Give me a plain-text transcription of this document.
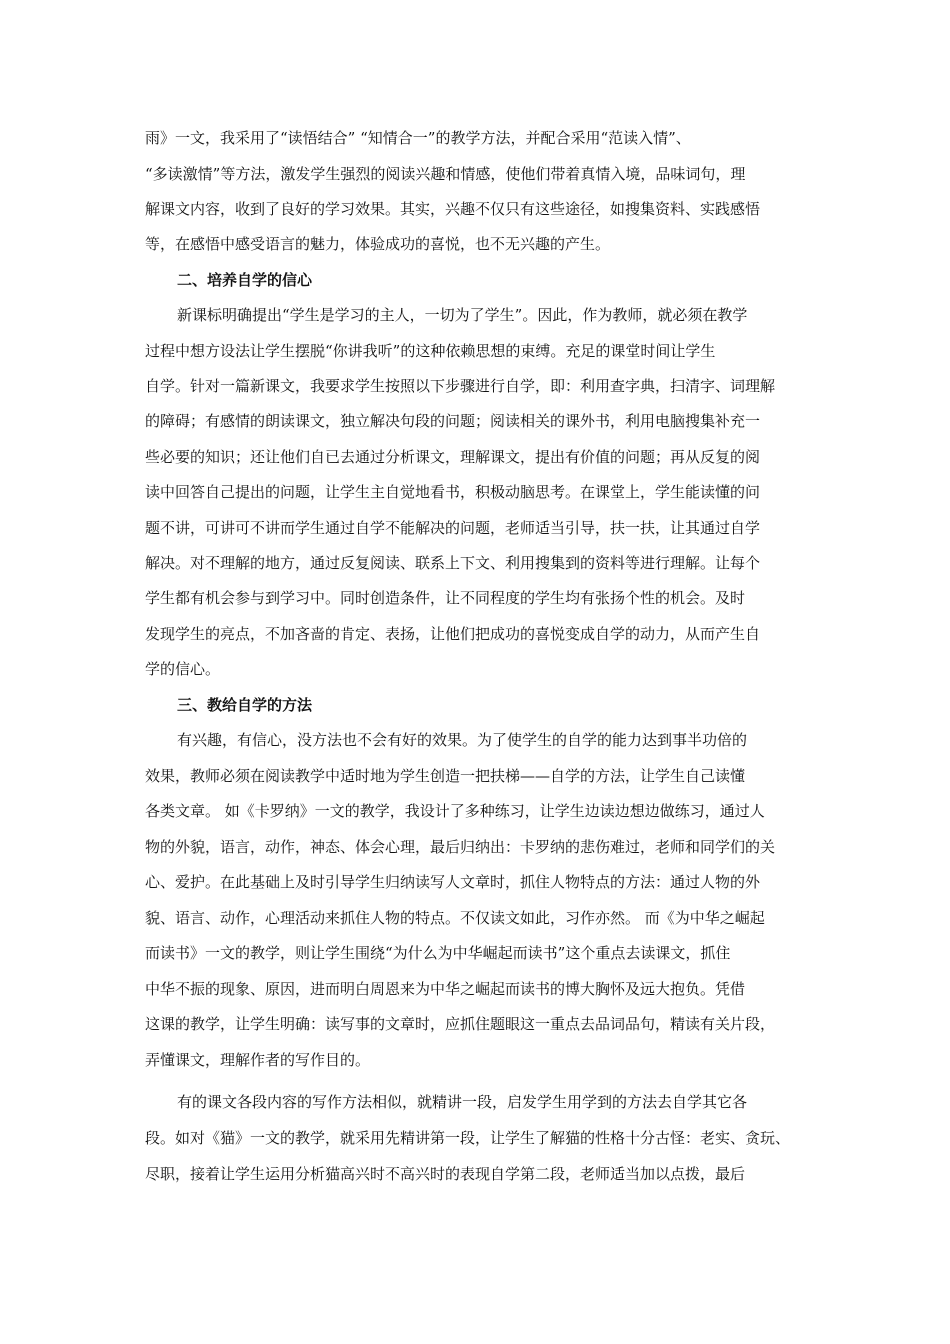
雨》一文，我采用了“读悟结合” “知情合一”的教学方法，并配合采用“范读入情”、
“多读激情”等方法，激发学生强烈的阅读兴趣和情感，使他们带着真情入境，品味词句，理
解课文内容，收到了良好的学习效果。其实，兴趣不仅只有这些途径，如搜集资料、实践感悟
等，在感悟中感受语言的魅力，体验成功的喜悦，也不无兴趣的产生。
二、培养自学的信心
新课标明确提出“学生是学习的主人，一切为了学生”。因此，作为教师，就必须在教学
过程中想方设法让学生摆脱“你讲我听”的这种依赖思想的束缚。充足的课堂时间让学生
自学。针对一篇新课文，我要求学生按照以下步骤进行自学，即：利用查字典，扫清字、词理解
的障碍；有感情的朗读课文，独立解决句段的问题；阅读相关的课外书，利用电脑搜集补充一
些必要的知识；还让他们自已去通过分析课文，理解课文，提出有价值的问题；再从反复的阅
读中回答自己提出的问题，让学生主自觉地看书，积极动脑思考。在课堂上，学生能读懂的问
题不讲，可讲可不讲而学生通过自学不能解决的问题，老师适当引导，扶一扶，让其通过自学
解决。对不理解的地方，通过反复阅读、联系上下文、利用搜集到的资料等进行理解。让每个
学生都有机会参与到学习中。同时创造条件，让不同程度的学生均有张扬个性的机会。及时
发现学生的亮点，不加吝啬的肯定、表扬，让他们把成功的喜悦变成自学的动力，从而产生自
学的信心。
三、教给自学的方法
有兴趣，有信心，没方法也不会有好的效果。为了使学生的自学的能力达到事半功倍的
效果，教师必须在阅读教学中适时地为学生创造一把扶梯——自学的方法，让学生自己读懂
各类文章。 如《卡罗纳》一文的教学，我设计了多种练习，让学生边读边想边做练习，通过人
物的外貌，语言，动作，神态、体会心理，最后归纳出：卡罗纳的悲伤难过，老师和同学们的关
心、爱护。在此基础上及时引导学生归纳读写人文章时，抓住人物特点的方法：通过人物的外
貌、语言、动作，心理活动来抓住人物的特点。不仅读文如此，习作亦然。 而《为中华之崛起
而读书》一文的教学，则让学生围绕“为什么为中华崛起而读书”这个重点去读课文，抓住
中华不振的现象、原因，进而明白周恩来为中华之崛起而读书的博大胸怀及远大抱负。凭借
这课的教学，让学生明确：读写事的文章时，应抓住题眼这一重点去品词品句，精读有关片段，
弄懂课文，理解作者的写作目的。
有的课文各段内容的写作方法相似，就精讲一段，启发学生用学到的方法去自学其它各
段。如对《猫》一文的教学，就采用先精讲第一段，让学生了解猫的性格十分古怪：老实、贪玩、
尽职，接着让学生运用分析猫高兴时不高兴时的表现自学第二段，老师适当加以点拨，最后
